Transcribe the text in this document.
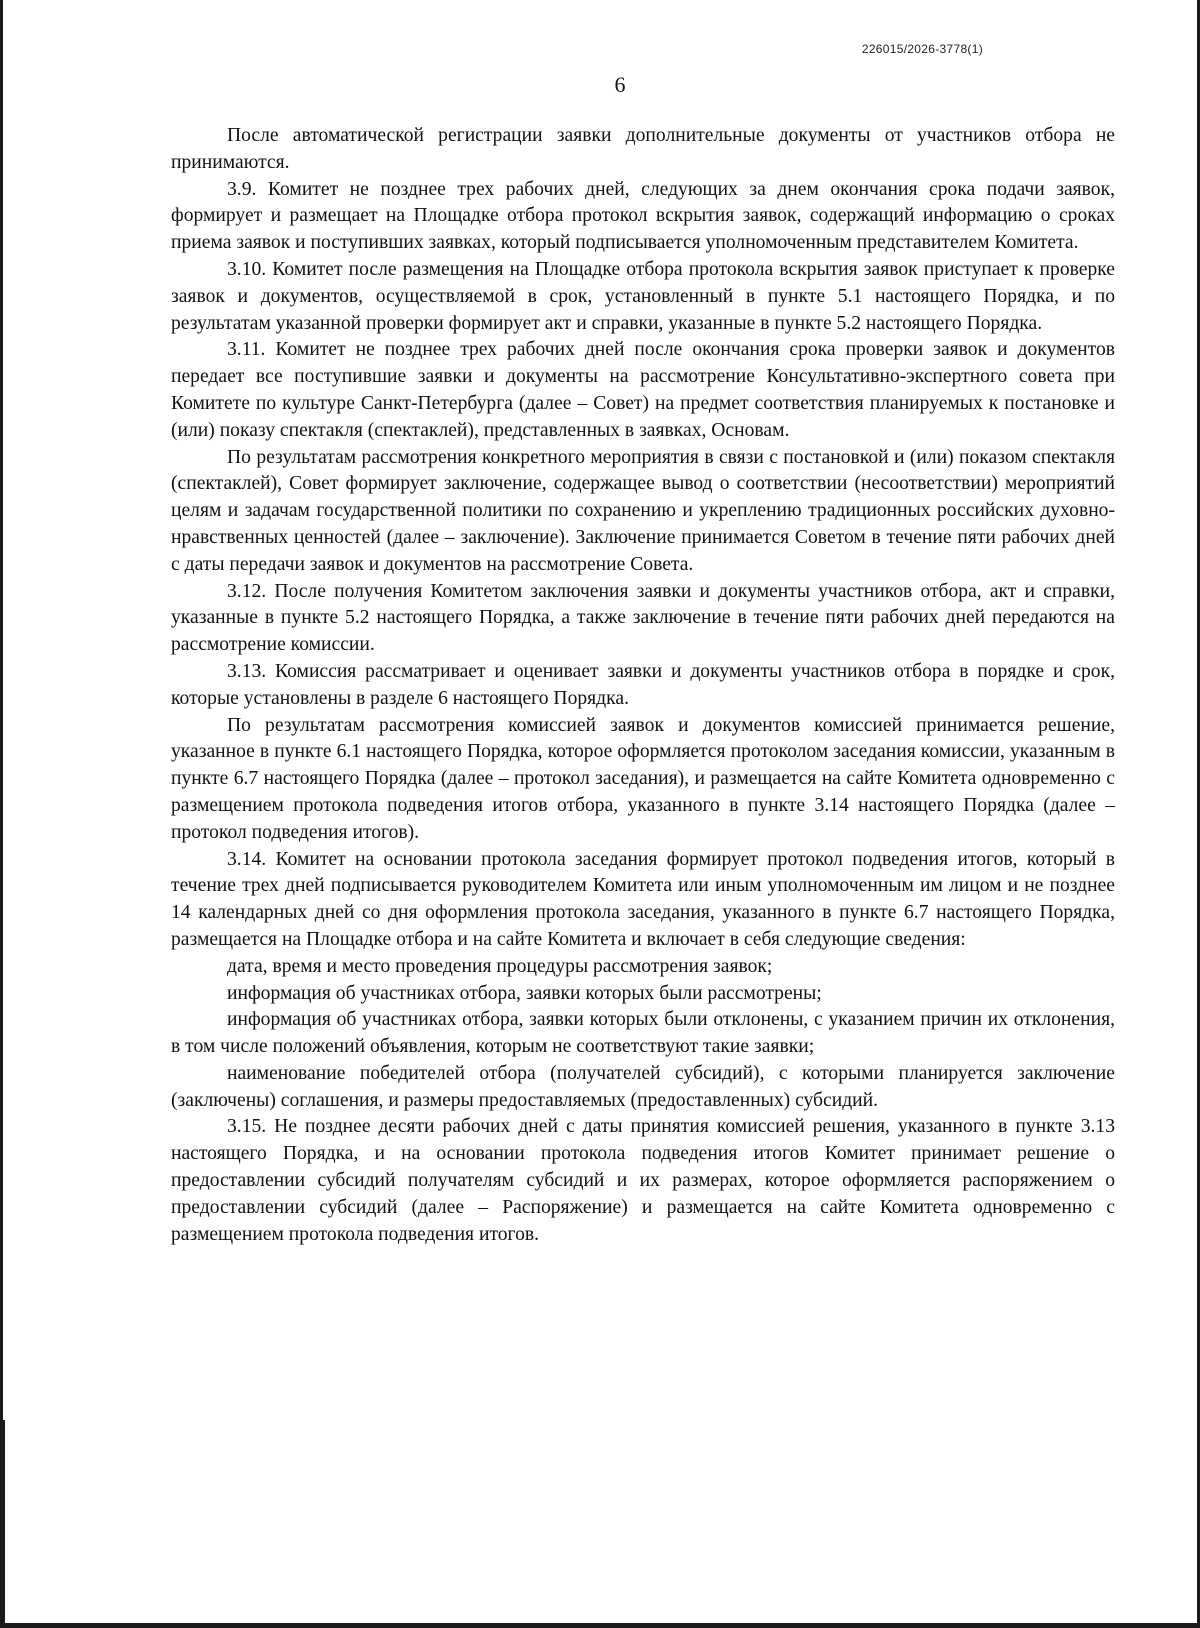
226015/2026-3778(1)
6

После автоматической регистрации заявки дополнительные документы от участников отбора не принимаются.

3.9. Комитет не позднее трех рабочих дней, следующих за днем окончания срока подачи заявок, формирует и размещает на Площадке отбора протокол вскрытия заявок, содержащий информацию о сроках приема заявок и поступивших заявках, который подписывается уполномоченным представителем Комитета.

3.10. Комитет после размещения на Площадке отбора протокола вскрытия заявок приступает к проверке заявок и документов, осуществляемой в срок, установленный в пункте 5.1 настоящего Порядка, и по результатам указанной проверки формирует акт и справки, указанные в пункте 5.2 настоящего Порядка.

3.11. Комитет не позднее трех рабочих дней после окончания срока проверки заявок и документов передает все поступившие заявки и документы на рассмотрение Консультативно-экспертного совета при Комитете по культуре Санкт-Петербурга (далее – Совет) на предмет соответствия планируемых к постановке и (или) показу спектакля (спектаклей), представленных в заявках, Основам.

По результатам рассмотрения конкретного мероприятия в связи с постановкой и (или) показом спектакля (спектаклей), Совет формирует заключение, содержащее вывод о соответствии (несоответствии) мероприятий целям и задачам государственной политики по сохранению и укреплению традиционных российских духовно-нравственных ценностей (далее – заключение). Заключение принимается Советом в течение пяти рабочих дней с даты передачи заявок и документов на рассмотрение Совета.

3.12. После получения Комитетом заключения заявки и документы участников отбора, акт и справки, указанные в пункте 5.2 настоящего Порядка, а также заключение в течение пяти рабочих дней передаются на рассмотрение комиссии.

3.13. Комиссия рассматривает и оценивает заявки и документы участников отбора в порядке и срок, которые установлены в разделе 6 настоящего Порядка.

По результатам рассмотрения комиссией заявок и документов комиссией принимается решение, указанное в пункте 6.1 настоящего Порядка, которое оформляется протоколом заседания комиссии, указанным в пункте 6.7 настоящего Порядка (далее – протокол заседания), и размещается на сайте Комитета одновременно с размещением протокола подведения итогов отбора, указанного в пункте 3.14 настоящего Порядка (далее – протокол подведения итогов).

3.14. Комитет на основании протокола заседания формирует протокол подведения итогов, который в течение трех дней подписывается руководителем Комитета или иным уполномоченным им лицом и не позднее 14 календарных дней со дня оформления протокола заседания, указанного в пункте 6.7 настоящего Порядка, размещается на Площадке отбора и на сайте Комитета и включает в себя следующие сведения:

дата, время и место проведения процедуры рассмотрения заявок;

информация об участниках отбора, заявки которых были рассмотрены;

информация об участниках отбора, заявки которых были отклонены, с указанием причин их отклонения, в том числе положений объявления, которым не соответствуют такие заявки;

наименование победителей отбора (получателей субсидий), с которыми планируется заключение (заключены) соглашения, и размеры предоставляемых (предоставленных) субсидий.

3.15. Не позднее десяти рабочих дней с даты принятия комиссией решения, указанного в пункте 3.13 настоящего Порядка, и на основании протокола подведения итогов Комитет принимает решение о предоставлении субсидий получателям субсидий и их размерах, которое оформляется распоряжением о предоставлении субсидий (далее – Распоряжение) и размещается на сайте Комитета одновременно с размещением протокола подведения итогов.
